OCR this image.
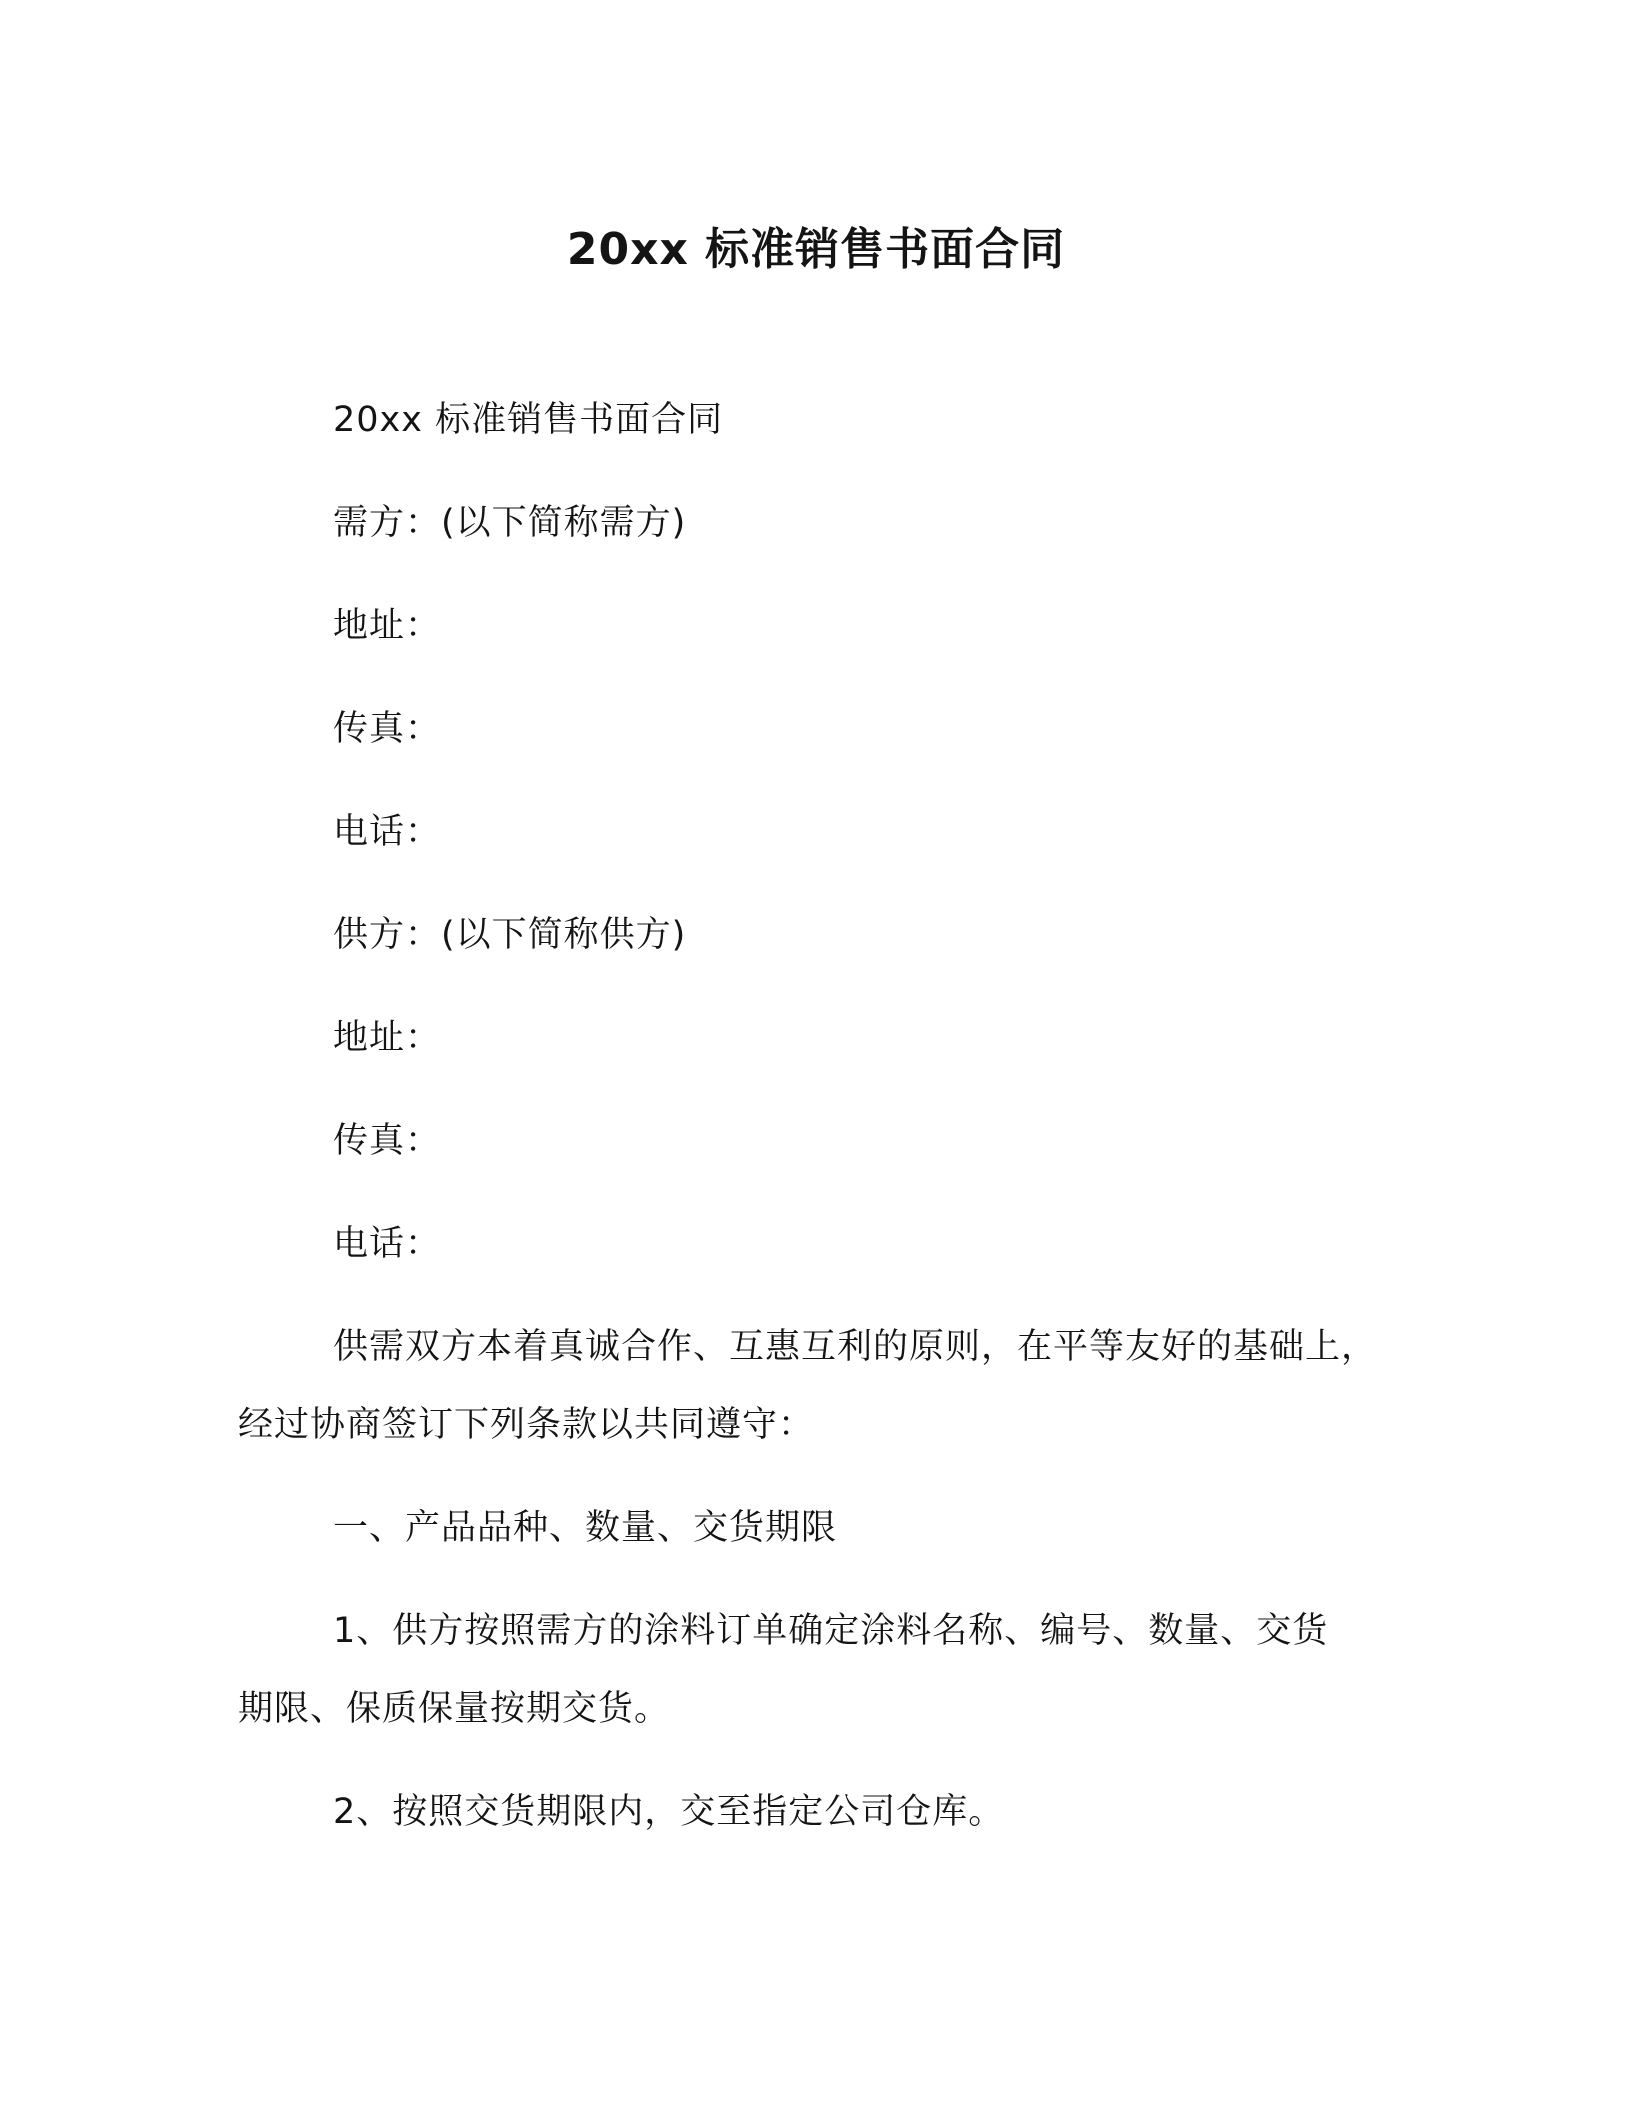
20xx 标准销售书面合同
20xx 标准销售书面合同
需方：(以下简称需方)
地址：
传真：
电话：
供方：(以下简称供方)
地址：
传真：
电话：
供需双方本着真诚合作、互惠互利的原则，在平等友好的基础上，
经过协商签订下列条款以共同遵守：
一、产品品种、数量、交货期限
1、供方按照需方的涂料订单确定涂料名称、编号、数量、交货
期限、保质保量按期交货。
2、按照交货期限内，交至指定公司仓库。
